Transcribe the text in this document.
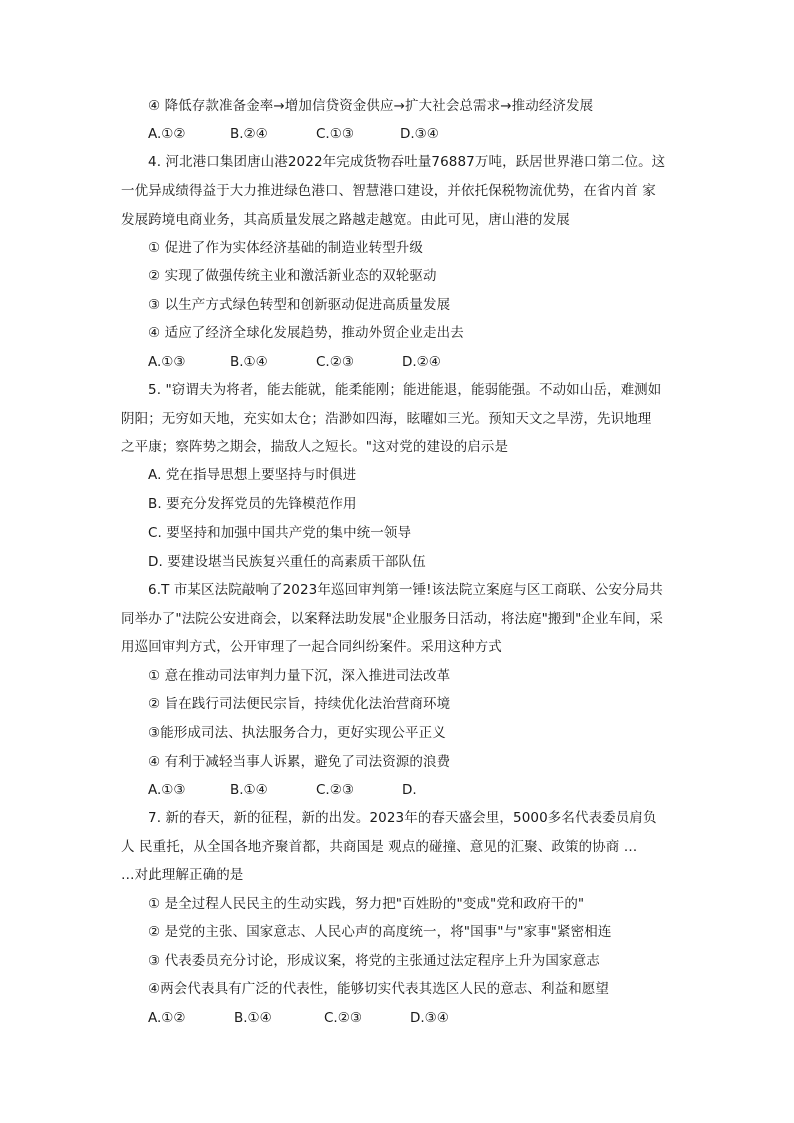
④ 降低存款准备金率→增加信贷资金供应→扩大社会总需求→推动经济发展
A.①②	B.②④	C.①③	D.③④
4. 河北港口集团唐山港2022年完成货物吞吐量76887万吨，跃居世界港口第二位。这
一优异成绩得益于大力推进绿色港口、智慧港口建设，并依托保税物流优势，在省内首 家
发展跨境电商业务，其高质量发展之路越走越宽。由此可见，唐山港的发展
① 促进了作为实体经济基础的制造业转型升级
② 实现了做强传统主业和激活新业态的双轮驱动
③ 以生产方式绿色转型和创新驱动促进高质量发展
④ 适应了经济全球化发展趋势，推动外贸企业走出去
A.①③	B.①④	C.②③	D.②④
5. "窃谓夫为将者，能去能就，能柔能刚；能进能退，能弱能强。不动如山岳，难测如
阴阳；无穷如天地，充实如太仓；浩渺如四海，眩曜如三光。预知天文之旱涝，先识地理
之平康；察阵势之期会，揣敌人之短长。"这对党的建设的启示是
A. 党在指导思想上要坚持与时俱进
B. 要充分发挥党员的先锋模范作用
C. 要坚持和加强中国共产党的集中统一领导
D. 要建设堪当民族复兴重任的高素质干部队伍
6.T 市某区法院敲响了2023年巡回审判第一锤!该法院立案庭与区工商联、公安分局共
同举办了"法院公安进商会，以案释法助发展"企业服务日活动，将法庭"搬到"企业车间，采
用巡回审判方式，公开审理了一起合同纠纷案件。采用这种方式
① 意在推动司法审判力量下沉，深入推进司法改革
② 旨在践行司法便民宗旨，持续优化法治营商环境
③能形成司法、执法服务合力，更好实现公平正义
④ 有利于减轻当事人诉累，避免了司法资源的浪费
A.①③	B.①④	C.②③	D.
7. 新的春天，新的征程，新的出发。2023年的春天盛会里，5000多名代表委员肩负
人 民重托，从全国各地齐聚首都，共商国是 观点的碰撞、意见的汇聚、政策的协商 …
…对此理解正确的是
① 是全过程人民民主的生动实践，努力把"百姓盼的"变成"党和政府干的"
② 是党的主张、国家意志、人民心声的高度统一，将"国事"与"家事"紧密相连
③ 代表委员充分讨论，形成议案，将党的主张通过法定程序上升为国家意志
④两会代表具有广泛的代表性，能够切实代表其选区人民的意志、利益和愿望
A.①②	B.①④	C.②③	D.③④
